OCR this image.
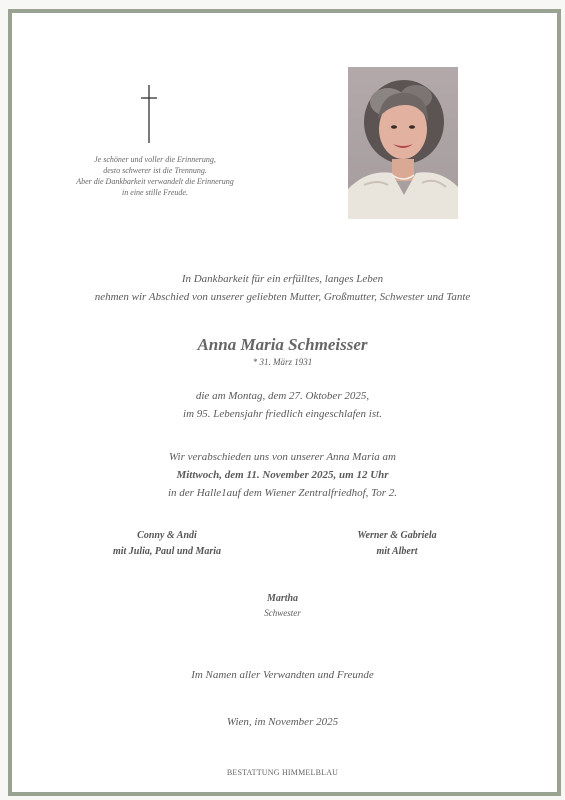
Je schöner und voller die Erinnerung,
desto schwerer ist die Trennung.
Aber die Dankbarkeit verwandelt die Erinnerung
in eine stille Freude.
In Dankbarkeit für ein erfülltes, langes Leben
nehmen wir Abschied von unserer geliebten Mutter, Großmutter, Schwester und Tante
Anna Maria Schmeisser
* 31. März 1931
die am Montag, dem 27. Oktober 2025,
im 95. Lebensjahr friedlich eingeschlafen ist.
Wir verabschieden uns von unserer Anna Maria am
Mittwoch, dem 11. November 2025, um 12 Uhr
in der Halle1auf dem Wiener Zentralfriedhof, Tor 2.
Conny & Andi
mit Julia, Paul und Maria
Werner & Gabriela
mit Albert
Martha
Schwester
Im Namen aller Verwandten und Freunde
Wien, im November 2025
BESTATTUNG HIMMELBLAU
